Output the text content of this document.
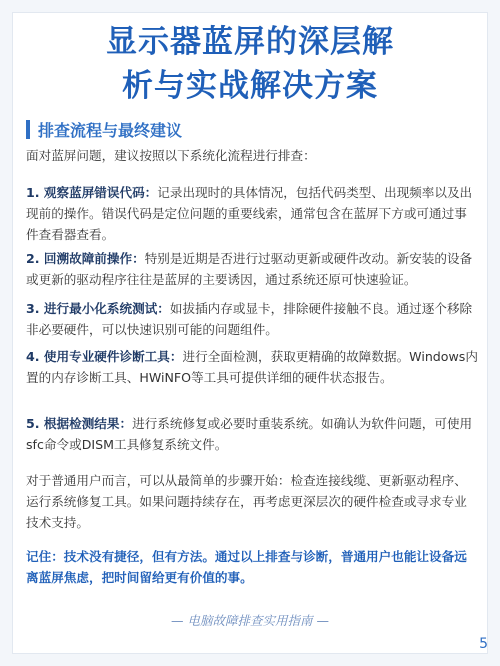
显示器蓝屏的深层解
析与实战解决方案
排查流程与最终建议
面对蓝屏问题，建议按照以下系统化流程进行排查：
1. 观察蓝屏错误代码：记录出现时的具体情况，包括代码类型、出现频率以及出现前的操作。错误代码是定位问题的重要线索，通常包含在蓝屏下方或可通过事件查看器查看。
2. 回溯故障前操作：特别是近期是否进行过驱动更新或硬件改动。新安装的设备或更新的驱动程序往往是蓝屏的主要诱因，通过系统还原可快速验证。
3. 进行最小化系统测试：如拔插内存或显卡，排除硬件接触不良。通过逐个移除非必要硬件，可以快速识别可能的问题组件。
4. 使用专业硬件诊断工具：进行全面检测，获取更精确的故障数据。Windows内置的内存诊断工具、HWiNFO等工具可提供详细的硬件状态报告。
5. 根据检测结果：进行系统修复或必要时重装系统。如确认为软件问题，可使用sfc命令或DISM工具修复系统文件。
对于普通用户而言，可以从最简单的步骤开始：检查连接线缆、更新驱动程序、运行系统修复工具。如果问题持续存在，再考虑更深层次的硬件检查或寻求专业技术支持。
记住：技术没有捷径，但有方法。通过以上排查与诊断，普通用户也能让设备远离蓝屏焦虑，把时间留给更有价值的事。
— 电脑故障排查实用指南 —
5
